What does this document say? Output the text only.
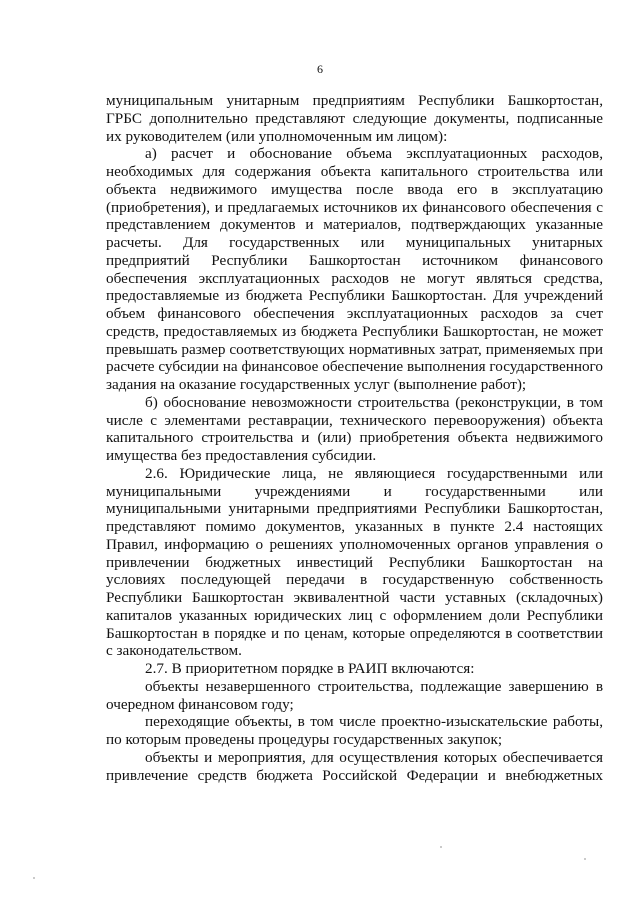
6

муниципальным унитарным предприятиям Республики Башкортостан, ГРБС дополнительно представляют следующие документы, подписанные их руководителем (или уполномоченным им лицом):

а) расчет и обоснование объема эксплуатационных расходов, необходимых для содержания объекта капитального строительства или объекта недвижимого имущества после ввода его в эксплуатацию (приобретения), и предлагаемых источников их финансового обеспечения с представлением документов и материалов, подтверждающих указанные расчеты. Для государственных или муниципальных унитарных предприятий Республики Башкортостан источником финансового обеспечения эксплуатационных расходов не могут являться средства, предоставляемые из бюджета Республики Башкортостан. Для учреждений объем финансового обеспечения эксплуатационных расходов за счет средств, предоставляемых из бюджета Республики Башкортостан, не может превышать размер соответствующих нормативных затрат, применяемых при расчете субсидии на финансовое обеспечение выполнения государственного задания на оказание государственных услуг (выполнение работ);

б) обоснование невозможности строительства (реконструкции, в том числе с элементами реставрации, технического перевооружения) объекта капитального строительства и (или) приобретения объекта недвижимого имущества без предоставления субсидии.

2.6. Юридические лица, не являющиеся государственными или муниципальными учреждениями и государственными или муниципальными унитарными предприятиями Республики Башкортостан, представляют помимо документов, указанных в пункте 2.4 настоящих Правил, информацию о решениях уполномоченных органов управления о привлечении бюджетных инвестиций Республики Башкортостан на условиях последующей передачи в государственную собственность Республики Башкортостан эквивалентной части уставных (складочных) капиталов указанных юридических лиц с оформлением доли Республики Башкортостан в порядке и по ценам, которые определяются в соответствии с законодательством.

2.7. В приоритетном порядке в РАИП включаются:

объекты незавершенного строительства, подлежащие завершению в очередном финансовом году;

переходящие объекты, в том числе проектно-изыскательские работы, по которым проведены процедуры государственных закупок;

объекты и мероприятия, для осуществления которых обеспечивается привлечение средств бюджета Российской Федерации и внебюджетных
